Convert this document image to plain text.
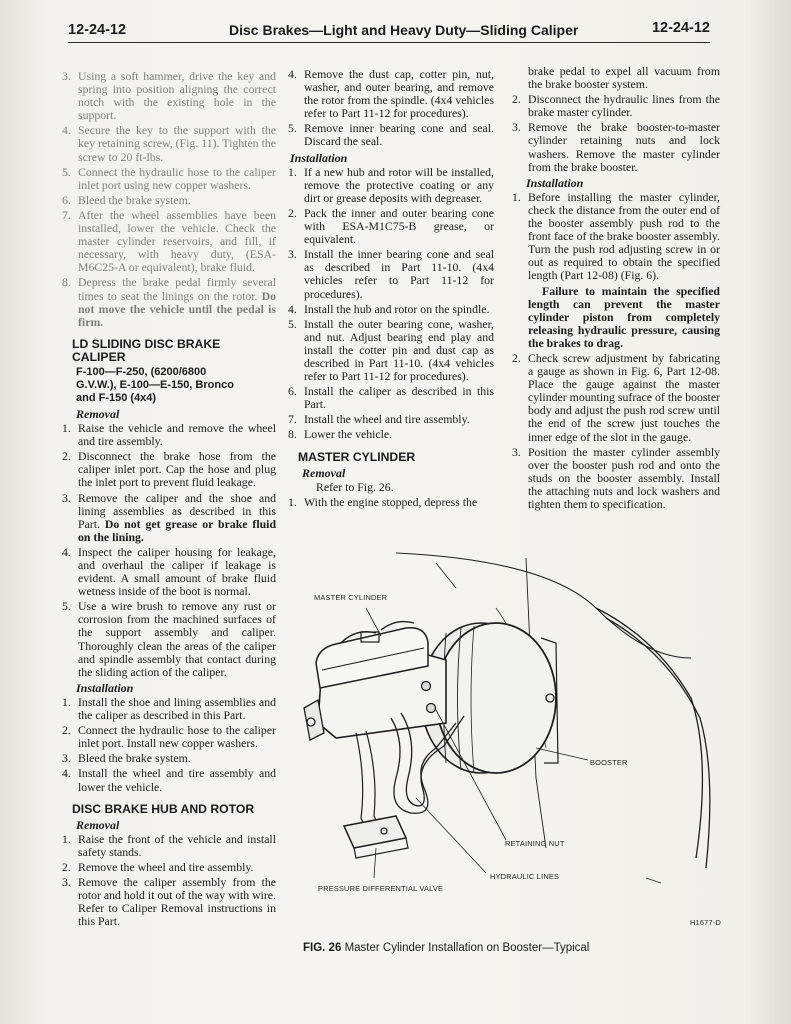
12-24-12	Disc Brakes—Light and Heavy Duty—Sliding Caliper	12-24-12
3. Using a soft hammer, drive the key and spring into position aligning the correct notch with the existing hole in the support.
4. Secure the key to the support with the key retaining screw, (Fig. 11). Tighten the screw to 20 ft-lbs.
5. Connect the hydraulic hose to the caliper inlet port using new copper washers.
6. Bleed the brake system.
7. After the wheel assemblies have been installed, lower the vehicle. Check the master cylinder reservoirs, and fill, if necessary, with heavy duty, (ESA-M6C25-A or equivalent), brake fluid.
8. Depress the brake pedal firmly several times to seat the linings on the rotor. Do not move the vehicle until the pedal is firm.
LD SLIDING DISC BRAKE CALIPER
F-100—F-250, (6200/6800
G.V.W.), E-100—E-150, Bronco
and F-150 (4x4)
Removal
1. Raise the vehicle and remove the wheel and tire assembly.
2. Disconnect the brake hose from the caliper inlet port. Cap the hose and plug the inlet port to prevent fluid leakage.
3. Remove the caliper and the shoe and lining assemblies as described in this Part. Do not get grease or brake fluid on the lining.
4. Inspect the caliper housing for leakage, and overhaul the caliper if leakage is evident. A small amount of brake fluid wetness inside of the boot is normal.
5. Use a wire brush to remove any rust or corrosion from the machined surfaces of the support assembly and caliper. Thoroughly clean the areas of the caliper and spindle assembly that contact during the sliding action of the caliper.
Installation
1. Install the shoe and lining assemblies and the caliper as described in this Part.
2. Connect the hydraulic hose to the caliper inlet port. Install new copper washers.
3. Bleed the brake system.
4. Install the wheel and tire assembly and lower the vehicle.
DISC BRAKE HUB AND ROTOR
Removal
1. Raise the front of the vehicle and install safety stands.
2. Remove the wheel and tire assembly.
3. Remove the caliper assembly from the rotor and hold it out of the way with wire. Refer to Caliper Removal instructions in this Part.
4. Remove the dust cap, cotter pin, nut, washer, and outer bearing, and remove the rotor from the spindle. (4x4 vehicles refer to Part 11-12 for procedures).
5. Remove inner bearing cone and seal. Discard the seal.
Installation
1. If a new hub and rotor will be installed, remove the protective coating or any dirt or grease deposits with degreaser.
2. Pack the inner and outer bearing cone with ESA-M1C75-B grease, or equivalent.
3. Install the inner bearing cone and seal as described in Part 11-10. (4x4 vehicles refer to Part 11-12 for procedures).
4. Install the hub and rotor on the spindle.
5. Install the outer bearing cone, washer, and nut. Adjust bearing end play and install the cotter pin and dust cap as described in Part 11-10. (4x4 vehicles refer to Part 11-12 for procedures).
6. Install the caliper as described in this Part.
7. Install the wheel and tire assembly.
8. Lower the vehicle.
MASTER CYLINDER
Removal
Refer to Fig. 26.
1. With the engine stopped, depress the
brake pedal to expel all vacuum from the brake booster system.
2. Disconnect the hydraulic lines from the brake master cylinder.
3. Remove the brake booster-to-master cylinder retaining nuts and lock washers. Remove the master cylinder from the brake booster.
Installation
1. Before installing the master cylinder, check the distance from the outer end of the booster assembly push rod to the front face of the brake booster assembly. Turn the push rod adjusting screw in or out as required to obtain the specified length (Part 12-08) (Fig. 6).
Failure to maintain the specified length can prevent the master cylinder piston from completely releasing hydraulic pressure, causing the brakes to drag.
2. Check screw adjustment by fabricating a gauge as shown in Fig. 6, Part 12-08. Place the gauge against the master cylinder mounting sufrace of the booster body and adjust the push rod screw until the end of the screw just touches the inner edge of the slot in the gauge.
3. Position the master cylinder assembly over the booster push rod and onto the studs on the booster assembly. Install the attaching nuts and lock washers and tighten them to specification.
MASTER CYLINDER
BOOSTER
RETAINING NUT
HYDRAULIC LINES
PRESSURE DIFFERENTIAL VALVE
H1677-D
FIG. 26 Master Cylinder Installation on Booster—Typical
